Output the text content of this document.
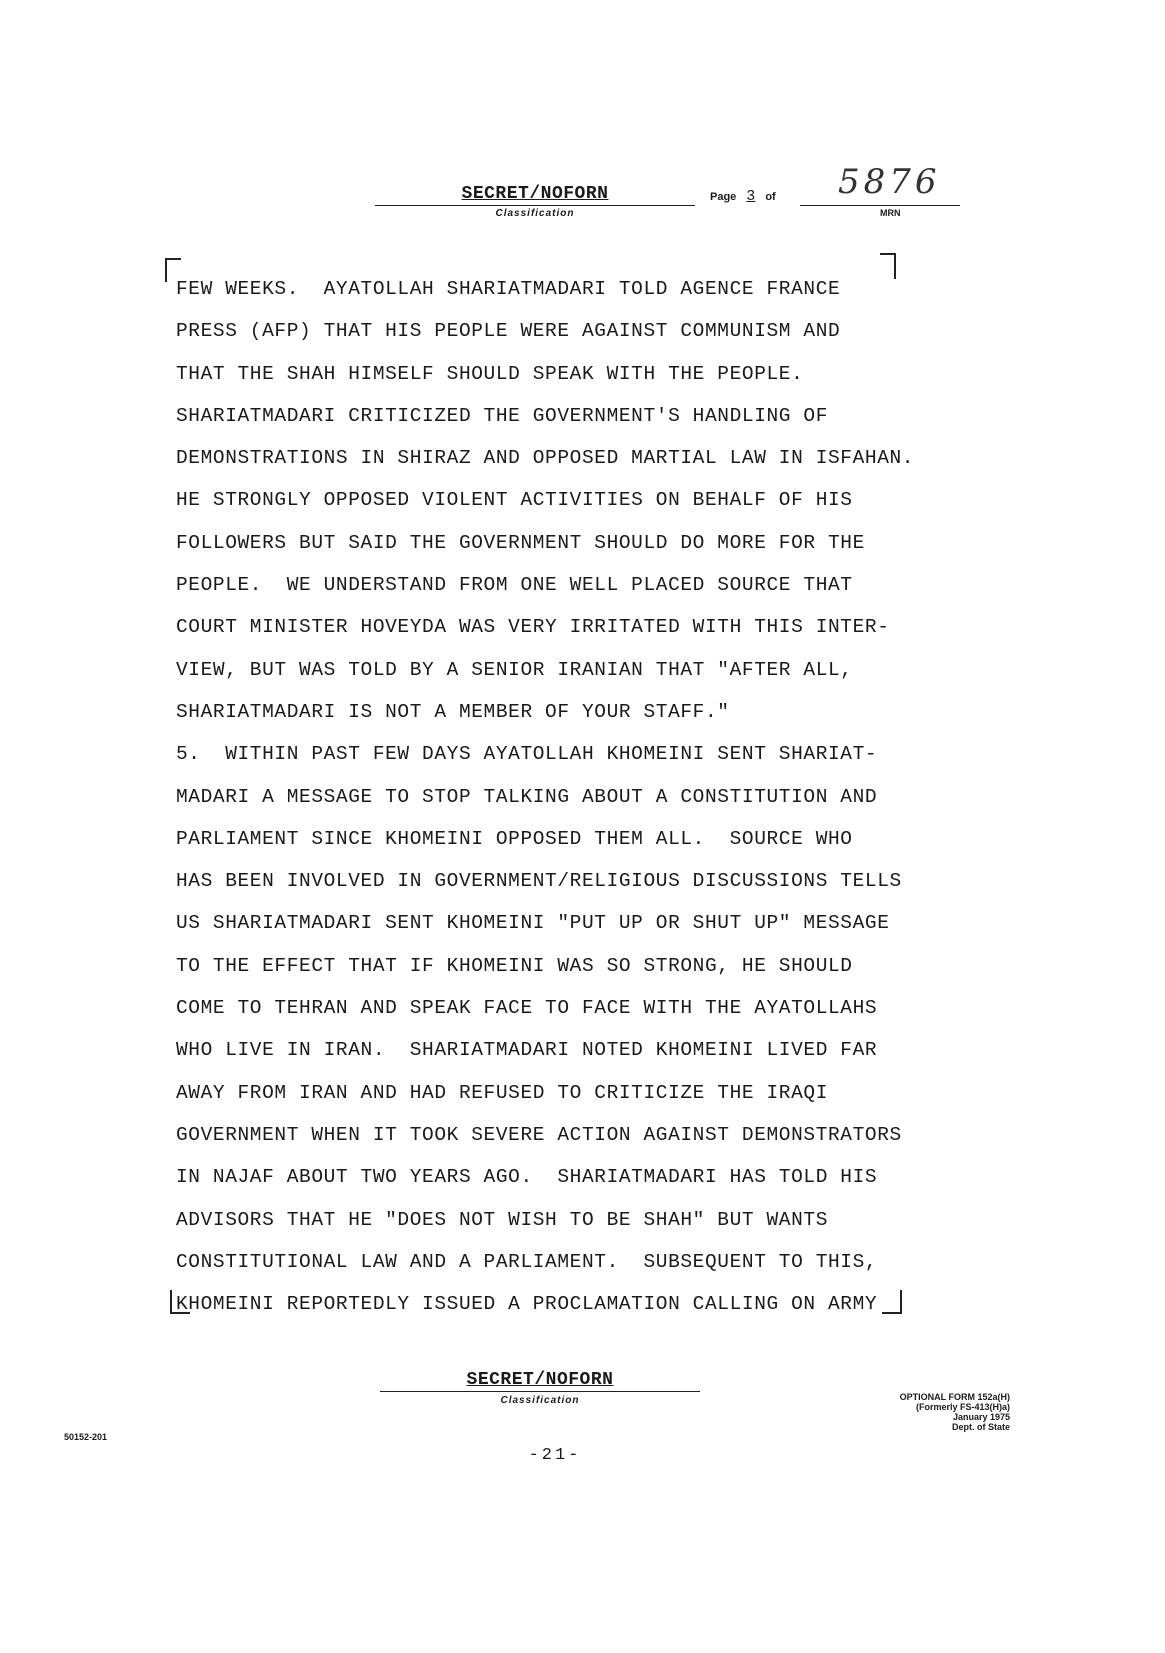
SECRET/NOFORN
Classification
Page 3 of 5876
MRN
FEW WEEKS.  AYATOLLAH SHARIATMADARI TOLD AGENCE FRANCE
PRESS (AFP) THAT HIS PEOPLE WERE AGAINST COMMUNISM AND
THAT THE SHAH HIMSELF SHOULD SPEAK WITH THE PEOPLE.
SHARIATMADARI CRITICIZED THE GOVERNMENT'S HANDLING OF
DEMONSTRATIONS IN SHIRAZ AND OPPOSED MARTIAL LAW IN ISFAHAN.
HE STRONGLY OPPOSED VIOLENT ACTIVITIES ON BEHALF OF HIS
FOLLOWERS BUT SAID THE GOVERNMENT SHOULD DO MORE FOR THE
PEOPLE.  WE UNDERSTAND FROM ONE WELL PLACED SOURCE THAT
COURT MINISTER HOVEYDA WAS VERY IRRITATED WITH THIS INTER-
VIEW, BUT WAS TOLD BY A SENIOR IRANIAN THAT "AFTER ALL,
SHARIATMADARI IS NOT A MEMBER OF YOUR STAFF."
5.  WITHIN PAST FEW DAYS AYATOLLAH KHOMEINI SENT SHARIAT-
MADARI A MESSAGE TO STOP TALKING ABOUT A CONSTITUTION AND
PARLIAMENT SINCE KHOMEINI OPPOSED THEM ALL.  SOURCE WHO
HAS BEEN INVOLVED IN GOVERNMENT/RELIGIOUS DISCUSSIONS TELLS
US SHARIATMADARI SENT KHOMEINI "PUT UP OR SHUT UP" MESSAGE
TO THE EFFECT THAT IF KHOMEINI WAS SO STRONG, HE SHOULD
COME TO TEHRAN AND SPEAK FACE TO FACE WITH THE AYATOLLAHS
WHO LIVE IN IRAN.  SHARIATMADARI NOTED KHOMEINI LIVED FAR
AWAY FROM IRAN AND HAD REFUSED TO CRITICIZE THE IRAQI
GOVERNMENT WHEN IT TOOK SEVERE ACTION AGAINST DEMONSTRATORS
IN NAJAF ABOUT TWO YEARS AGO.  SHARIATMADARI HAS TOLD HIS
ADVISORS THAT HE "DOES NOT WISH TO BE SHAH" BUT WANTS
CONSTITUTIONAL LAW AND A PARLIAMENT.  SUBSEQUENT TO THIS,
KHOMEINI REPORTEDLY ISSUED A PROCLAMATION CALLING ON ARMY
SECRET/NOFORN
Classification	OPTIONAL FORM 152a(H)
(Formerly FS-413(H)a)
January 1975
Dept. of State
50152-201
-21-
